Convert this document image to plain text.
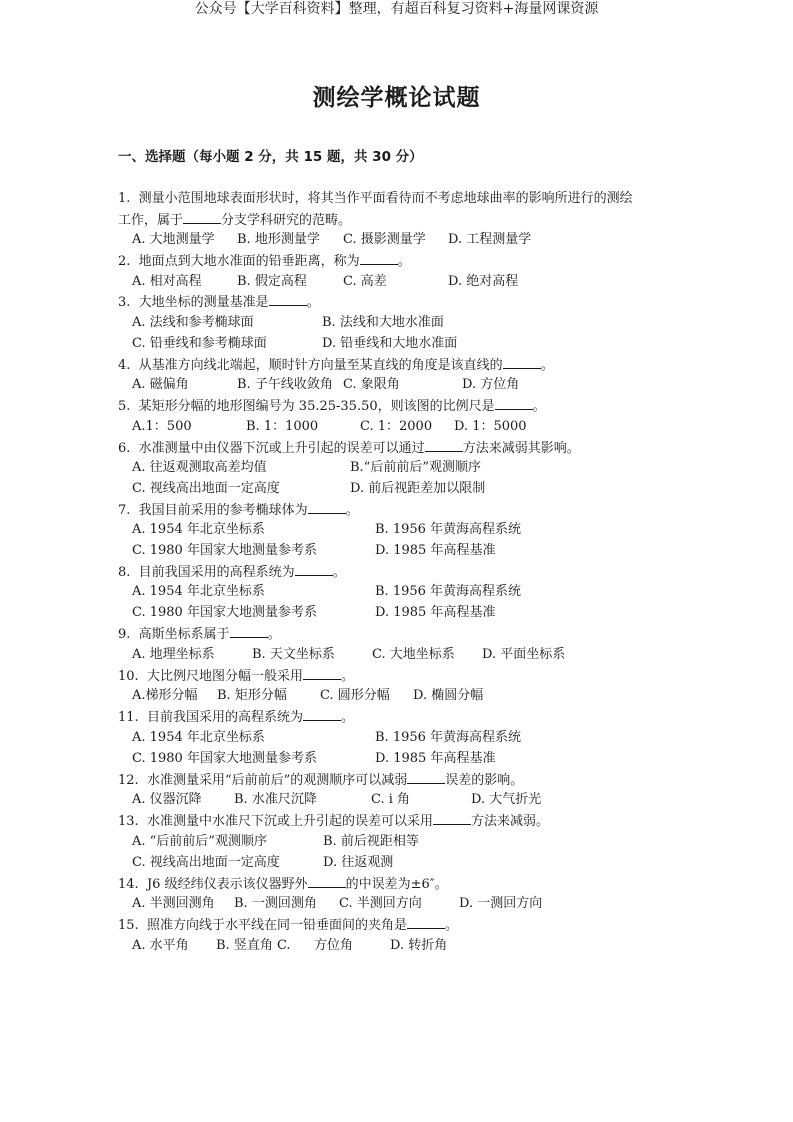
公众号【大学百科资料】整理，有超百科复习资料+海量网课资源
测绘学概论试题
一、选择题（每小题 2 分，共 15 题，共 30 分）
1. 测量小范围地球表面形状时，将其当作平面看待而不考虑地球曲率的影响所进行的测绘
工作，属于	分支学科研究的范畴。
A. 大地测量学 B. 地形测量学 C. 摄影测量学 D. 工程测量学
2. 地面点到大地水准面的铅垂距离，称为	。
A. 相对高程	B. 假定高程	C. 高差	D. 绝对高程
3. 大地坐标的测量基准是	。
A. 法线和参考椭球面	B. 法线和大地水准面
C. 铅垂线和参考椭球面	D. 铅垂线和大地水准面
4. 从基准方向线北端起，顺时针方向量至某直线的角度是该直线的	。
A. 磁偏角	B. 子午线收敛角 C. 象限角	D. 方位角
5. 某矩形分幅的地形图编号为 35.25-35.50，则该图的比例尺是	。
A.1：500	B. 1：1000	C. 1：2000 D. 1：5000
6. 水准测量中由仪器下沉或上升引起的误差可以通过	方法来减弱其影响。
A. 往返观测取高差均值	B.“后前前后”观测顺序
C. 视线高出地面一定高度	D. 前后视距差加以限制
7. 我国目前采用的参考椭球体为	。
A. 1954 年北京坐标系	B. 1956 年黄海高程系统
C. 1980 年国家大地测量参考系	D. 1985 年高程基准
8. 目前我国采用的高程系统为	。
A. 1954 年北京坐标系	B. 1956 年黄海高程系统
C. 1980 年国家大地测量参考系	D. 1985 年高程基准
9. 高斯坐标系属于	。
A. 地理坐标系	B. 天文坐标系	C. 大地坐标系 D. 平面坐标系
10. 大比例尺地图分幅一般采用	。
A.梯形分幅 B. 矩形分幅	C. 圆形分幅 D. 椭圆分幅
11. 目前我国采用的高程系统为	。
A. 1954 年北京坐标系	B. 1956 年黄海高程系统
C. 1980 年国家大地测量参考系	D. 1985 年高程基准
12. 水准测量采用“后前前后”的观测顺序可以减弱	误差的影响。
A. 仪器沉降 B. 水准尺沉降	C. i 角	D. 大气折光
13. 水准测量中水准尺下沉或上升引起的误差可以采用	方法来减弱。
A. “后前前后”观测顺序	B. 前后视距相等
C. 视线高出地面一定高度	D. 往返观测
14. J6 级经纬仪表示该仪器野外	的中误差为±6″。
A. 半测回测角 B. 一测回测角 C. 半测回方向	D. 一测回方向
15. 照准方向线于水平线在同一铅垂面间的夹角是	。
A. 水平角 B. 竖直角 C. 方位角	D. 转折角
